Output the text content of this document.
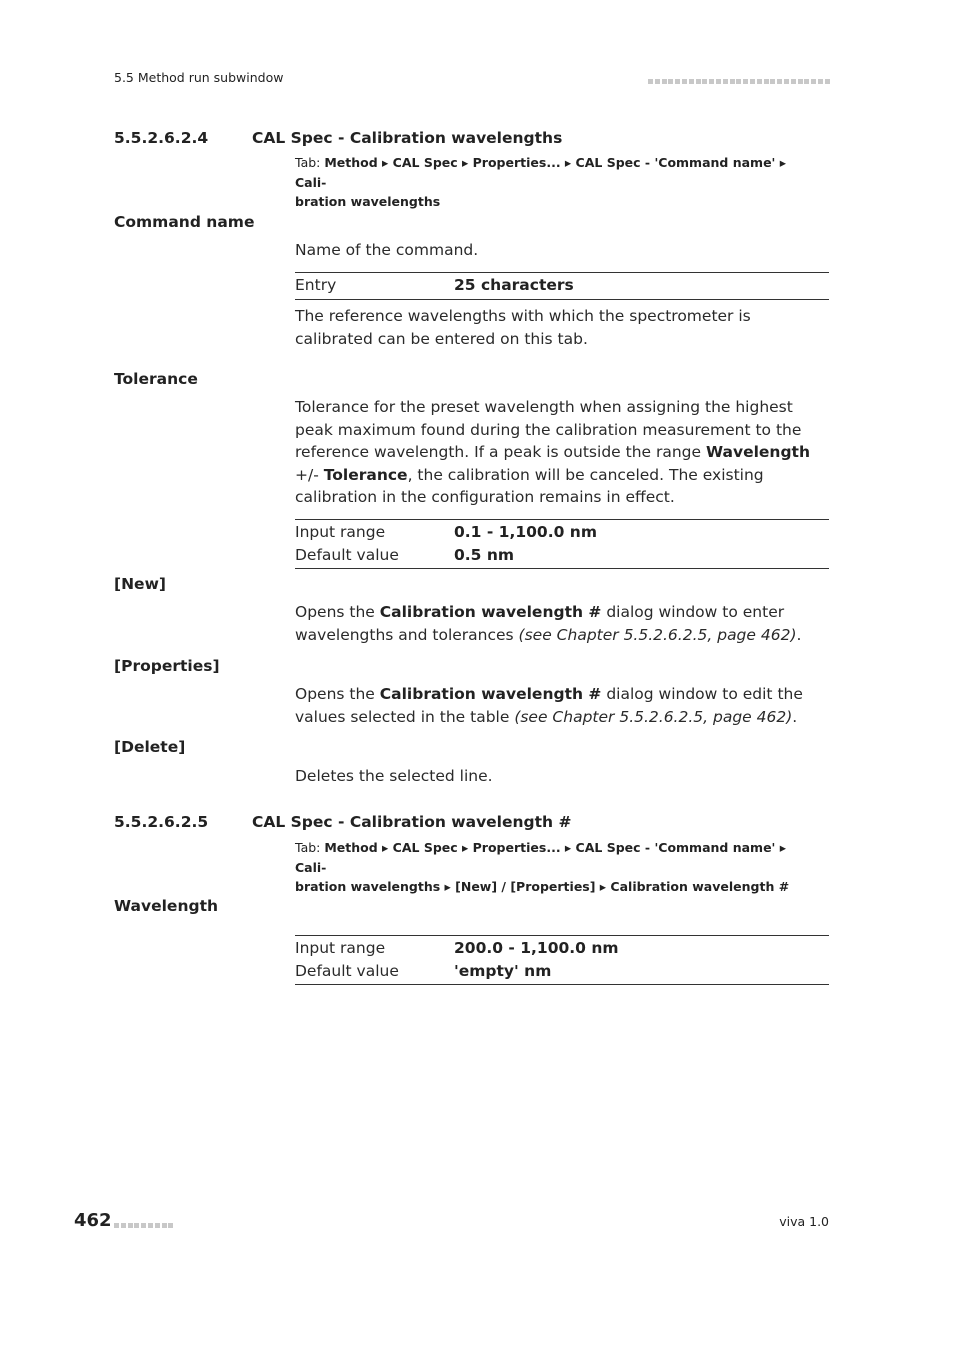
5.5 Method run subwindow
5.5.2.6.2.4	CAL Spec - Calibration wavelengths
Tab: Method ▸ CAL Spec ▸ Properties... ▸ CAL Spec - 'Command name' ▸ Cali-
bration wavelengths
Command name
Name of the command.
Entry	25 characters
The reference wavelengths with which the spectrometer is calibrated can be entered on this tab.
Tolerance
Tolerance for the preset wavelength when assigning the highest peak maximum found during the calibration measurement to the reference wavelength. If a peak is outside the range Wavelength +/- Tolerance, the calibration will be canceled. The existing calibration in the configuration remains in effect.
Input range	0.1 - 1,100.0 nm
Default value	0.5 nm
[New]
Opens the Calibration wavelength # dialog window to enter wavelengths and tolerances (see Chapter 5.5.2.6.2.5, page 462).
[Properties]
Opens the Calibration wavelength # dialog window to edit the values selected in the table (see Chapter 5.5.2.6.2.5, page 462).
[Delete]
Deletes the selected line.
5.5.2.6.2.5	CAL Spec - Calibration wavelength #
Tab: Method ▸ CAL Spec ▸ Properties... ▸ CAL Spec - 'Command name' ▸ Cali-
bration wavelengths ▸ [New] / [Properties] ▸ Calibration wavelength #
Wavelength
Input range	200.0 - 1,100.0 nm
Default value	'empty' nm
462	viva 1.0
